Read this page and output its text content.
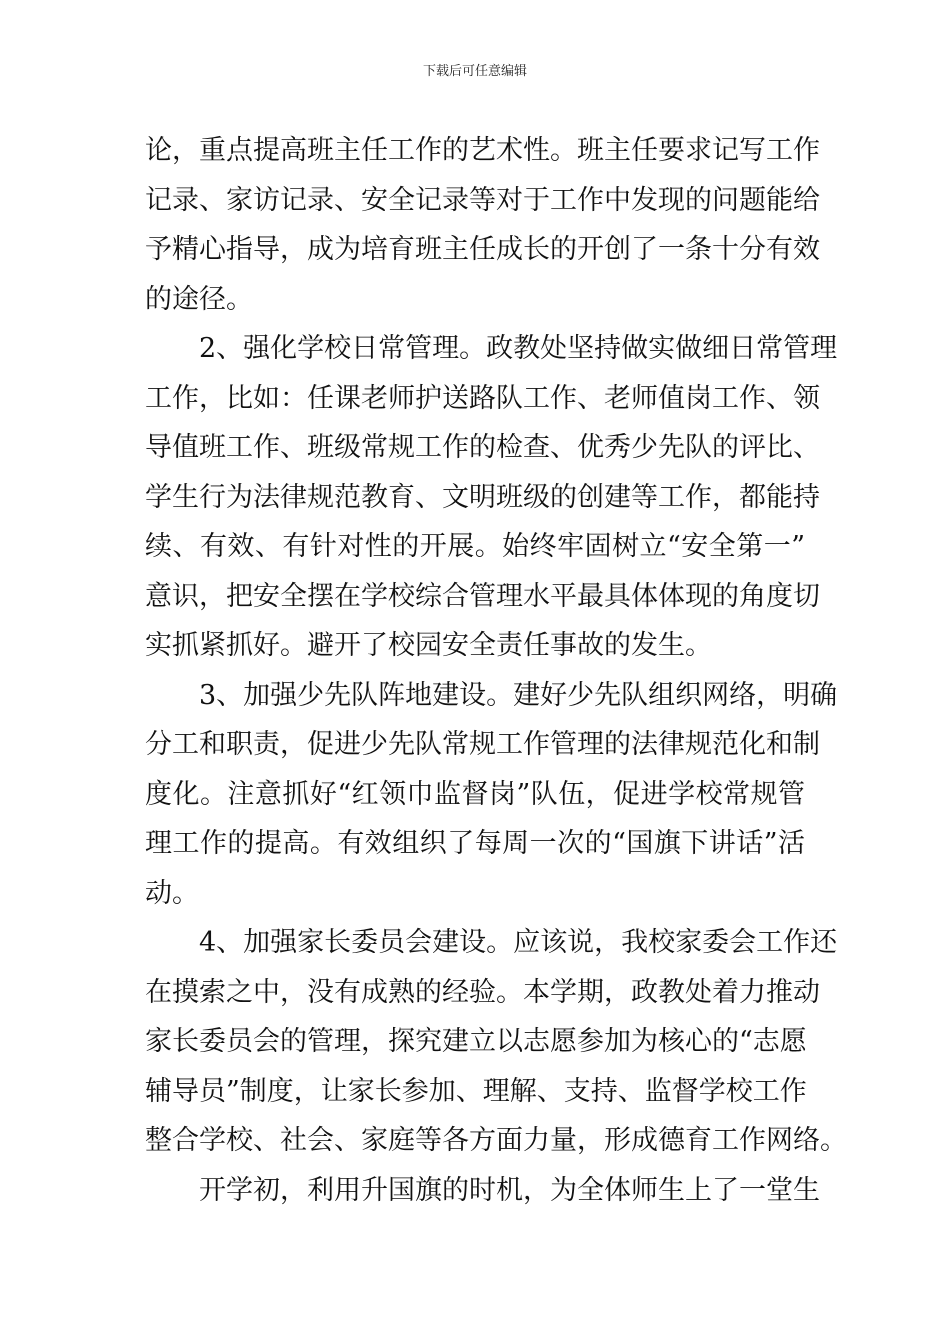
下载后可任意编辑
论，重点提高班主任工作的艺术性。班主任要求记写工作
记录、家访记录、安全记录等对于工作中发现的问题能给
予精心指导，成为培育班主任成长的开创了一条十分有效
的途径。
2、强化学校日常管理。政教处坚持做实做细日常管理
工作，比如：任课老师护送路队工作、老师值岗工作、领
导值班工作、班级常规工作的检查、优秀少先队的评比、
学生行为法律规范教育、文明班级的创建等工作，都能持
续、有效、有针对性的开展。始终牢固树立“安全第一”
意识，把安全摆在学校综合管理水平最具体体现的角度切
实抓紧抓好。避开了校园安全责任事故的发生。
3、加强少先队阵地建设。建好少先队组织网络，明确
分工和职责，促进少先队常规工作管理的法律规范化和制
度化。注意抓好“红领巾监督岗”队伍，促进学校常规管
理工作的提高。有效组织了每周一次的“国旗下讲话”活
动。
4、加强家长委员会建设。应该说，我校家委会工作还
在摸索之中，没有成熟的经验。本学期，政教处着力推动
家长委员会的管理，探究建立以志愿参加为核心的“志愿
辅导员”制度，让家长参加、理解、支持、监督学校工作
整合学校、社会、家庭等各方面力量，形成德育工作网络。
开学初，利用升国旗的时机，为全体师生上了一堂生
